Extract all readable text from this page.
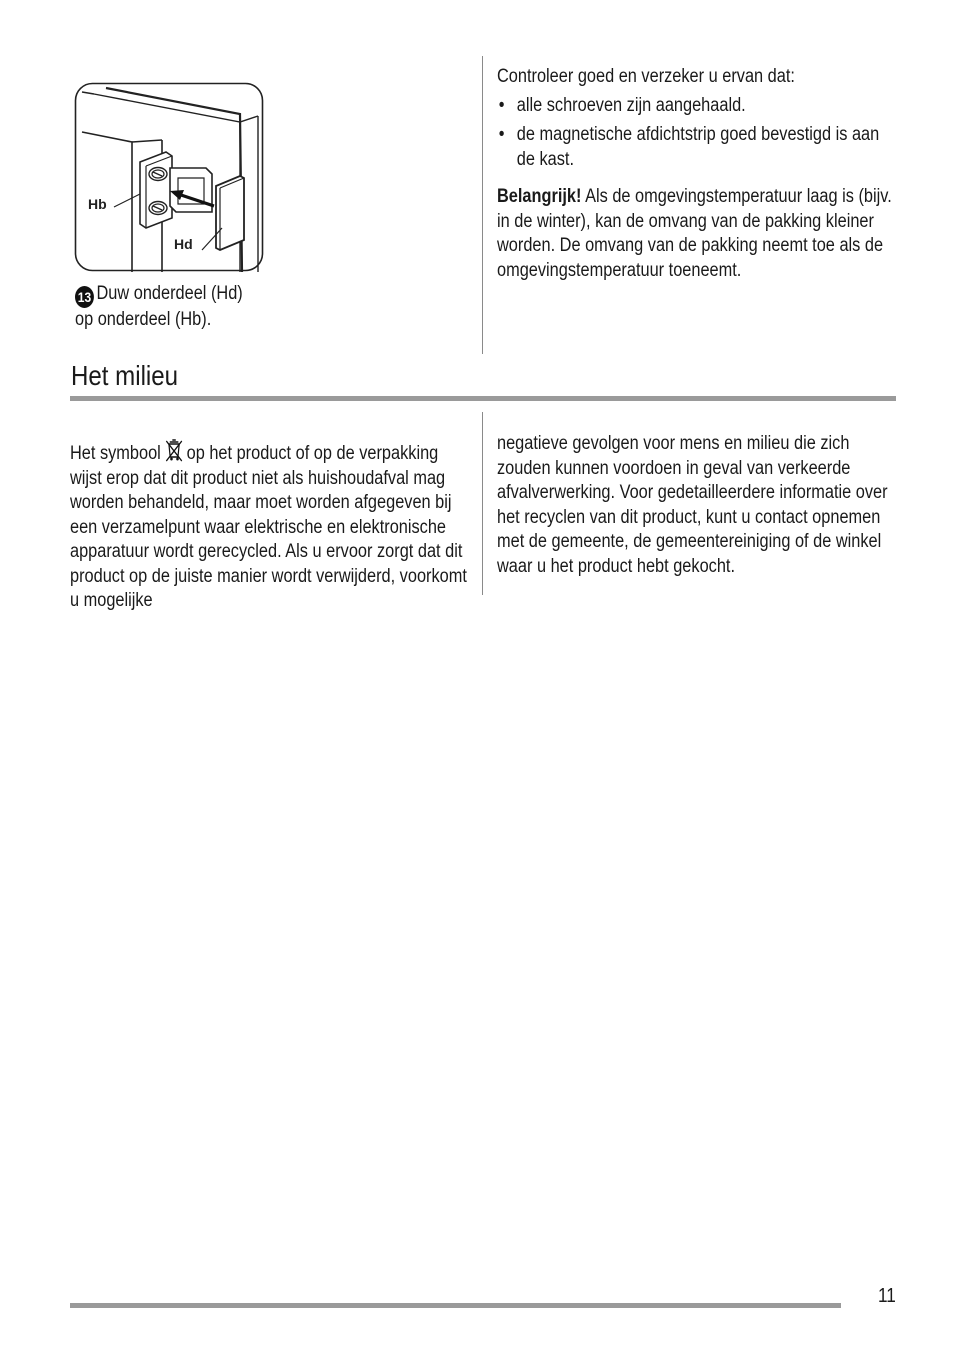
Hb
Hd
13 Duw onderdeel (Hd)
op onderdeel (Hb).

Controleer goed en verzeker u ervan dat:

• alle schroeven zijn aangehaald.
• de magnetische afdichtstrip goed bevestigd is aan de kast.

Belangrijk! Als de omgevingstemperatuur laag is (bijv. in de winter), kan de omvang van de pakking kleiner worden. De omvang van de pakking neemt toe als de omgevingstemperatuur toeneemt.

Het milieu

Het symbool op het product of op de verpakking wijst erop dat dit product niet als huishoudafval mag worden behandeld, maar moet worden afgegeven bij een verzamelpunt waar elektrische en elektronische apparatuur wordt gerecycled. Als u ervoor zorgt dat dit product op de juiste manier wordt verwijderd, voorkomt u mogelijke

negatieve gevolgen voor mens en milieu die zich zouden kunnen voordoen in geval van verkeerde afvalverwerking. Voor gedetailleerdere informatie over het recyclen van dit product, kunt u contact opnemen met de gemeente, de gemeentereiniging of de winkel waar u het product hebt gekocht.

11
